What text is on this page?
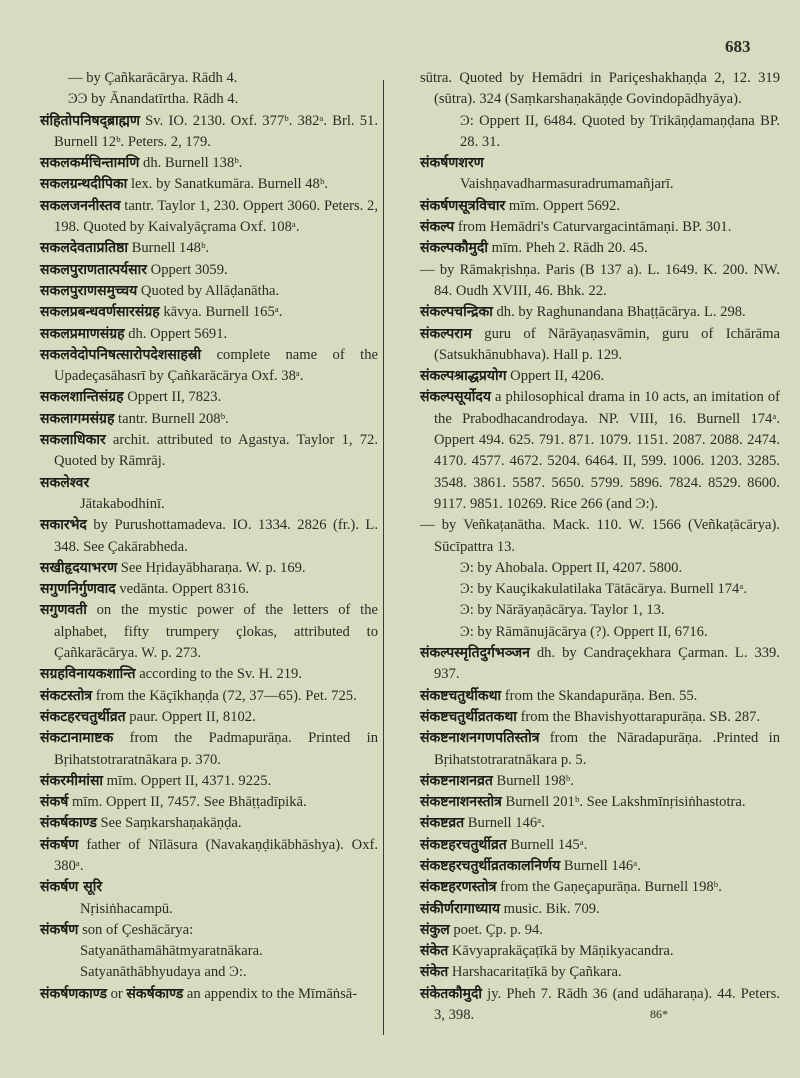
683

— by Çañkarācārya. Rādh 4.

ϿϿ by Ānandatīrtha. Rādh 4.

संहितोपनिषद्ब्राह्मण Sv. IO. 2130. Oxf. 377ᵇ. 382ᵃ. Brl. 51. Burnell 12ᵇ. Peters. 2, 179.

सकलकर्मचिन्तामणि dh. Burnell 138ᵇ.

सकलग्रन्थदीपिका lex. by Sanatkumāra. Burnell 48ᵇ.

सकलजननीस्तव tantr. Taylor 1, 230. Oppert 3060. Peters. 2, 198. Quoted by Kaivalyāçrama Oxf. 108ᵃ.

सकलदेवताप्रतिष्ठा Burnell 148ᵇ.

सकलपुराणतात्पर्यसार Oppert 3059.

सकलपुराणसमुच्चय Quoted by Allāḍanātha.

सकलप्रबन्धवर्णसारसंग्रह kāvya. Burnell 165ᵃ.

सकलप्रमाणसंग्रह dh. Oppert 5691.

सकलवेदोपनिषत्सारोपदेशसाहस्री complete name of the Upadeçasāhasrī by Çañkarācārya Oxf. 38ᵃ.

सकलशान्तिसंग्रह Oppert II, 7823.

सकलागमसंग्रह tantr. Burnell 208ᵇ.

सकलाधिकार archit. attributed to Agastya. Taylor 1, 72. Quoted by Rāmrāj.

सकलेश्वर

Jātakabodhinī.

सकारभेद by Purushottamadeva. IO. 1334. 2826 (fr.). L. 348. See Çakārabheda.

सखीहृदयाभरण See Hṛidayābharaṇa. W. p. 169.

सगुणनिर्गुणवाद vedānta. Oppert 8316.

सगुणवती on the mystic power of the letters of the alphabet, fifty trumpery çlokas, attributed to Çañkarācārya. W. p. 273.

सग्रहविनायकशान्ति according to the Sv. H. 219.

संकटस्तोत्र from the Kāçīkhaṇḍa (72, 37—65). Pet. 725.

संकटहरचतुर्थीव्रत paur. Oppert II, 8102.

संकटानामाष्टक from the Padmapurāṇa. Printed in Bṛihatstotraratnākara p. 370.

संकरमीमांसा mīm. Oppert II, 4371. 9225.

संकर्ष mīm. Oppert II, 7457. See Bhāṭṭadīpikā.

संकर्षकाण्ड See Saṃkarshaṇakāṇḍa.

संकर्षण father of Nīlāsura (Navakaṇḍikābhāshya). Oxf. 380ᵃ.

संकर्षण सूरि

Nṛisiṅhacampū.

संकर्षण son of Çeshācārya:

Satyanāthamāhātmyaratnākara.
Satyanāthābhyudaya and Ͽ:.

संकर्षणकाण्ड or संकर्षकाण्ड an appendix to the Mīmāṅsā-

sūtra. Quoted by Hemādri in Pariçeshakhaṇḍa 2, 12. 319 (sūtra). 324 (Saṃkarshaṇakāṇḍe Govindopādhyāya).

Ͽ: Oppert II, 6484. Quoted by Trikāṇḍamaṇḍana BP. 28. 31.

संकर्षणशरण

Vaishṇavadharmasuradrumamañjarī.

संकर्षणसूत्रविचार mīm. Oppert 5692.

संकल्प from Hemādri's Caturvargacintāmaṇi. BP. 301.

संकल्पकौमुदी mīm. Pheh 2. Rādh 20. 45.

— by Rāmakṛishṇa. Paris (B 137 a). L. 1649. K. 200. NW. 84. Oudh XVIII, 46. Bhk. 22.

संकल्पचन्द्रिका dh. by Raghunandana Bhaṭṭācārya. L. 298.

संकल्पराम guru of Nārāyaṇasvāmin, guru of Ichārāma (Satsukhānubhava). Hall p. 129.

संकल्पश्राद्धप्रयोग Oppert II, 4206.

संकल्पसूर्योदय a philosophical drama in 10 acts, an imitation of the Prabodhacandrodaya. NP. VIII, 16. Burnell 174ᵃ. Oppert 494. 625. 791. 871. 1079. 1151. 2087. 2088. 2474. 4170. 4577. 4672. 5204. 6464. II, 599. 1006. 1203. 3285. 3548. 3861. 5587. 5650. 5799. 5896. 7824. 8529. 8600. 9117. 9851. 10269. Rice 266 (and Ͽ:).

— by Veñkaṭanātha. Mack. 110. W. 1566 (Veñkaṭācārya). Sūcīpattra 13.

Ͽ: by Ahobala. Oppert II, 4207. 5800.
Ͽ: by Kauçikakulatilaka Tātācārya. Burnell 174ᵃ.
Ͽ: by Nārāyaṇācārya. Taylor 1, 13.
Ͽ: by Rāmānujācārya (?). Oppert II, 6716.

संकल्पस्मृतिदुर्गभञ्जन dh. by Candraçekhara Çarman. L. 339. 937.

संकष्टचतुर्थीकथा from the Skandapurāṇa. Ben. 55.

संकष्टचतुर्थीव्रतकथा from the Bhavishyottarapurāṇa. SB. 287.

संकष्टनाशनगणपतिस्तोत्र from the Nāradapurāṇa. .Printed in Bṛihatstotraratnākara p. 5.

संकष्टनाशनव्रत Burnell 198ᵇ.

संकष्टनाशनस्तोत्र Burnell 201ᵇ. See Lakshmīnṛisiṅhastotra.

संकष्टव्रत Burnell 146ᵃ.

संकष्टहरचतुर्थीव्रत Burnell 145ᵃ.

संकष्टहरचतुर्थीव्रतकालनिर्णय Burnell 146ᵃ.

संकष्टहरणस्तोत्र from the Gaṇeçapurāṇa. Burnell 198ᵇ.

संकीर्णरागाध्याय music. Bik. 709.

संकुल poet. Çp. p. 94.

संकेत Kāvyaprakāçaṭīkā by Māṇikyacandra.

संकेत Harshacaritaṭīkā by Çañkara.

संकेतकौमुदी jy. Pheh 7. Rādh 36 (and udāharaṇa). 44. Peters. 3, 398.	86*
